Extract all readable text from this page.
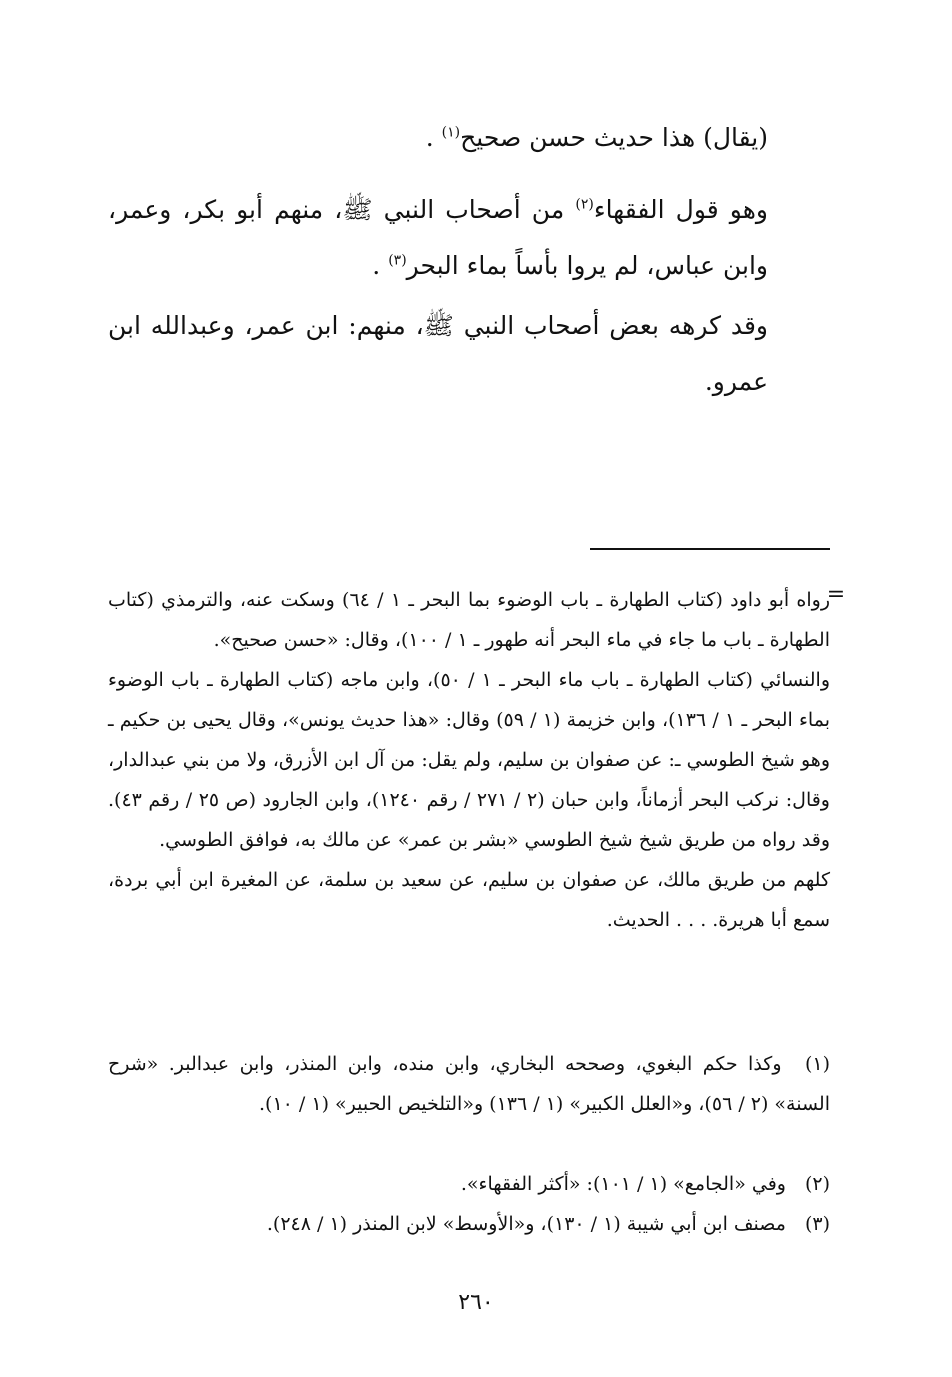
(يقال) هذا حديث حسن صحيح$^{(١)}$ .
وهو قول الفقهاء$^{(٢)}$ من أصحاب النبي ﷺ، منهم أبو بكر، وعمر، وابن عباس، لم يروا بأساً بماء البحر$^{(٣)}$ .
وقد كرهه بعض أصحاب النبي ﷺ، منهم: ابن عمر، وعبدالله ابن عمرو.
=
رواه أبو داود (كتاب الطهارة ـ باب الوضوء بما البحر ـ ١ / ٦٤) وسكت عنه، والترمذي (كتاب الطهارة ـ باب ما جاء في ماء البحر أنه طهور ـ ١ / ١٠٠)، وقال: «حسن صحيح».
والنسائي (كتاب الطهارة ـ باب ماء البحر ـ ١ / ٥٠)، وابن ماجه (كتاب الطهارة ـ باب الوضوء بماء البحر ـ ١ / ١٣٦)، وابن خزيمة (١ / ٥٩) وقال: «هذا حديث يونس»، وقال يحيى بن حكيم ـ وهو شيخ الطوسي ـ: عن صفوان بن سليم، ولم يقل: من آل ابن الأزرق، ولا من بني عبدالدار، وقال: نركب البحر أزماناً، وابن حبان (٢ / ٢٧١ / رقم ١٢٤٠)، وابن الجارود (ص ٢٥ / رقم ٤٣). وقد رواه من طريق شيخ شيخ الطوسي «بشر بن عمر» عن مالك به، فوافق الطوسي.
كلهم من طريق مالك، عن صفوان بن سليم، عن سعيد بن سلمة، عن المغيرة ابن أبي بردة، سمع أبا هريرة. . . . الحديث.
(١) وكذا حكم البغوي، وصححه البخاري، وابن منده، وابن المنذر، وابن عبدالبر. «شرح السنة» (٢ / ٥٦)، و«العلل الكبير» (١ / ١٣٦) و«التلخيص الحبير» (١ / ١٠).
(٢) وفي «الجامع» (١ / ١٠١): «أكثر الفقهاء».
(٣) مصنف ابن أبي شيبة (١ / ١٣٠)، و«الأوسط» لابن المنذر (١ / ٢٤٨).
٢٦٠
